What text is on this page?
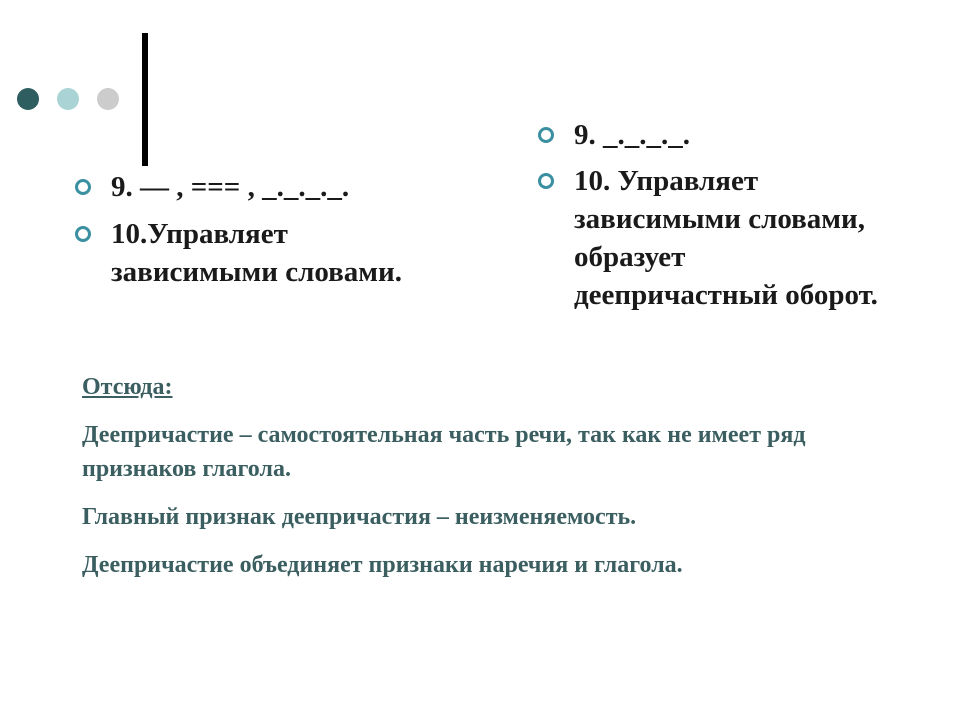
9. — , === , _._._._.
10.Управляет зависимыми словами.
9. _._._._.
10. Управляет зависимыми словами, образует деепричастный оборот.

Отсюда:

Деепричастие – самостоятельная часть речи, так как не имеет ряд признаков глагола.

Главный признак деепричастия – неизменяемость.

Деепричастие объединяет признаки наречия и глагола.
